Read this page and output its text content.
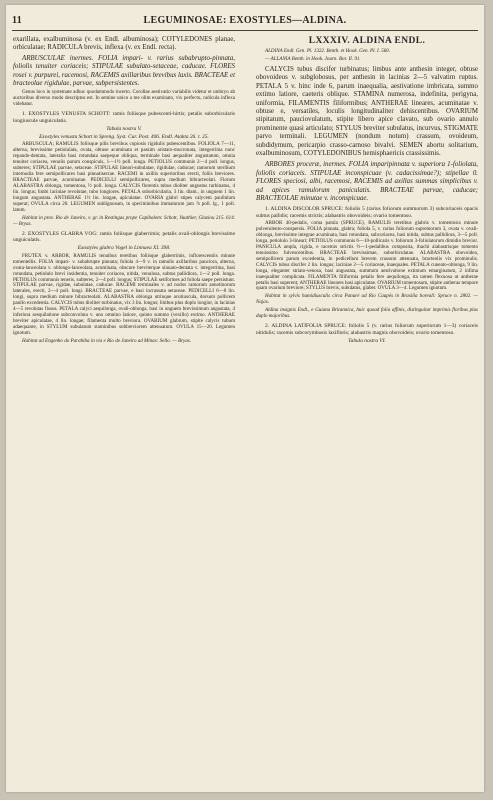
11	LEGUMINOSAE: EXOSTYLES—ALDINA.

exarillata, exalbuminosa (v. ex Endl. albuminosa); COTYLEDONES planae, orbiculatae; RADICULA brevis, inflexa (v. ex Endl. recta).

ARBUSCULAE inermes. FOLIA impari- v. rarius subabrupto-pinnata, foliolis tenuiter coriaceis; STIPULAE subulato-setaceae, caducae. FLORES rosei v. purpurei, racemosi, RACEMIS axillaribus brevibus laxis. BRACTEAE et bracteolae rigidulae, parvae, subpersistentes.

Genus loco in systemate adhuc quodammodo incerto. Corollae aestivatio variabilis videtur et umbryo ab auctoribus diverso modo descriptus est. In semine unico a me olim examinato, vix perfecto, radicula inflexa videbatur.

1. EXOSTYLES VENUSTA SCHOTT: ramis foliisque pubescenti-hirtis; petalis suborbicularis longiuscule unguiculatis.

Tabula nostra V.

Exostyles venusta Schott in Spreng. Syst. Cur. Post. 406. Endl. Atakta 26. t. 25.

ARBUSCULA; RAMULIS foliisque pilis brevibus copiosis rigidulis pubescentibus. FOLIOLA 7—11, alterna, brevissime petiolulata, ovata, obtuse acuminata et passim aristato-mucronata, integerrima nunc repando-dentata, lateralia basi rotundata saepeque obliqua, terminale basi aequaliter angustatum, omnia tenuiter coriacea, venulis parum conspicuis, 1—1½ poll. longa. PETIOLUS communis 2—4 poll. longus, subteres; STIPULAE parvae, setaceae. STIPULAE lineari-subulatae, rigidulae, caducae; ramorum sterilium internodia fere semipollicares basi pinnatisectae. RACEMI in axillis superioribus erecti, foliis breviores. BRACTEAE parvae, acuminatae. PEDICELLI semipollicares, supra medium bibracteolati. Florum ALABASTRA oblonga, tomentosa, ½ poll. longa. CALYCIS florentis tubus dioliter angustus turbinatus, 4 lin. longus; limbi laciniae revolutae, tubo longiores. PETALA suborbicularia, 3 lin. diam., in unguem 1 lin. longum angustata. ANTHERAE 1½ lin. longae, apiculatae. OVARIA glabri stipes calycem paullulum superat; OVULA circa 20. LEGUMEN sublignosum, in speciminibus immaturum jam ⅞ poll. lg., 1 poll. latum.

Habitat in prov. Rio de Janeiro, v. gr. in Restingas prope Capibalem: Schott, Vauthier, Glaziou 215. 614. — Bryas.

2. EXOSTYLES GLABRA VOG: ramis foliisque glaberrimis; petalis ovali-oblongis brevissime unguiculatis.

Exostyles glabra Vogel in Linnaea XI. 398.

FRUTEX v. ARBOR, RAMULIS tenuibus teretibus foliisque glaberrimis, inflorescentiis minute tomentellis. FOLIA impari- v. subabrupte pinnata; foliola 4—9 v. in ramulis axillaribus pauciora, alterna, ovata-lanceolata v. oblongo-lanceolata, acuminata, obscure breviterque sinuato-dentata v. integerrima, basi rotundata, petiolulo brevi insidentia, tenuiter coriacea, nitida, venulosa, subtus pallidiora, 1—2 poll. longa. PETIOLUS communis teneris, subteres, 2—4 poll. longus; STIPULAE setiformes ad foliola saepe persistunt. STIPULAE parvae, rigidae, subulatae, caducae. RACEMI terminales v. ad nodos ramorum annotinorum laterales, erecti, 2—4 poll. longi. BRACTEAE parvae, e basi incrassata setaceae. PEDICELLI 6—8 lin. longi, supra medium minute bibracteolati. ALABASTRA oblonga utrinque acutiuscula, dorsum pollicem paullo excedentia. CALYCIS tubus dioliter turbinatus, vix 3 lin. longus; limbus plus duplo longior, in lacinias 4—5 revolutas fissus. PETALA calyci aequilonga, ovali-oblonga, basi in unguem brevissimum angustata, 4 inferiora sesquilatione subconvoluta v. uno omnino latiore, quinto summo (vexillo) extimo. ANTHERAE breviter apiculatae, 4 lin. longae; filamenta multo breviora. OVARIUM glabrum, stipite calycis tubum adaequante, in STYLUM subulatum staminibus subbreviorem attenuatum. OVULA 15—20. Legumen ignotum.

Habitat ad Engenho do Parahiba in via e Rio de Janeiro ad Minas: Sello. — Bryas.

LXXXIV. ALDINA ENDL.

ALDINA Endl. Gen. Pl. 1322. Benth. et Hook. Gen. Pl. I. 560.

— ALLANIA Benth. in Hook. Journ. Bot. II. 91.

CALYCIS tubus discifer turbinatus; limbus ante anthesin integer, obtuse obovoideus v. subglobosus, per anthesin in lacinias 2—5 valvatim ruptus. PETALA 5 v. hinc inde 6, parum inaequalia, aestivatione imbricata, summo extimo latiore, caeteris oblique. STAMINA numerosa, indefinita, perigyna, uniformia, FILAMENTIS filiformibus; ANTHERAE lineares, acuminatae v. obtuse e, versatiles, loculis longitudinaliter dehiscentibus. OVARIUM stipitatum, pauciovulatum, stipite libero apice clavato, sub ovario annulo prominente quasi articulato; STYLUS breviter subulatus, incurvus, STIGMATE parvo terminali. LEGUMEN (nondum notum) crassum, ovoideum, subdidymum, pericarpio crasso-carnoso bivalvi. SEMEN abortu solitarium, exalbuminosum, COTYLEDONIBUS hemisphaericis crassissimis.

ARBORES proceræ, inermes. FOLIA imparipinnata v. superiora 1-foliolata, foliolis coriaceis. STIPULAE inconspicuae (v. cadacissimae?); stipellae 0. FLORES speciosi, albi, racemosi, RACEMIS ad axillas summas simplicibus v. ad apices ramulorum paniculatis. BRACTEAE parvae, caducae; BRACTEOLAE minutae v. inconspicuae.

1. ALDINA DISCOLOR SPRUCE: foliolis 5 (rarius foliorum summorum 3) subcoriaceis opacis subtus pallidis; racemis strictis; alabastris obovoideis; ovario tomentoso.

ARBOR 40-pedalis, coma patula (SPRUCE), RAMULIS teretibus glabris v. tomentosis minute pulverulento-conspersis. FOLIA pinnata, glabra; foliola 5, v. rarius foliorum supremorum 3, ovata v. ovali-oblonga, brevissime integrae acuminata, basi rotundata, subcoriacea, basi nitida, subtus pallidiora, 3—5 poll. longa, petiolulo 3-lineari; PETIOLUS communis 6—10-pollicaris v. foliorum 3-foliolatorum dimidio brevior. PANICULA ampla, rigida, e racemis strictis ½—1-pedalibus composita, rhachi alabastrisque tomento tenuissimo fulvescentibus. BRACTEAE brevissimae, suborbiculatae. ALABASTRA obovoidea, semipollicem parum excedentia, in pedicellum brevem crassum attenuata, bracteolis vix prominulis. CALYCIS tubus discifer 2 lin. longus; laciniae 2—5 coriaceae, inaequales. PETALA cuneato-oblonga, 9 lin. longa, eleganter striato-venosa, basi angustata, summum aestivatione extimum emarginatum, 2 infima inaequaliter complicata. FILAMENTA filiformia petalis fere aequilonga, ita tamen flexuosa ut antherae petalis basi superent; ANTHERAE lineares basi apiculatae. OVARIUM tomentosum, stipite antheras tempore quam ovarium breviore; STYLUS brevis, subulatus, glaber. OVULA 3—4. Legumen ignotum.

Habitat in sylvis humidiusculis circa Panuré ad Rio Caupés in Brasilia boreali: Spruce n. 2802. — Najas.

Aldina insignis Endl., e Guiana Britannica, huic quoad folia affinis, distinguitur imprimis floribus plus duplo majoribus.

2. ALDINA LATIFOLIA SPRUCE: foliolis 5 (v. rarius foliorum superiorum 1—3) coriaceis nitidulis; racemis subcorymbosis laxifloris; alabastris magnis obovoideis; ovario tomentoso.

Tabula nostra VI.
